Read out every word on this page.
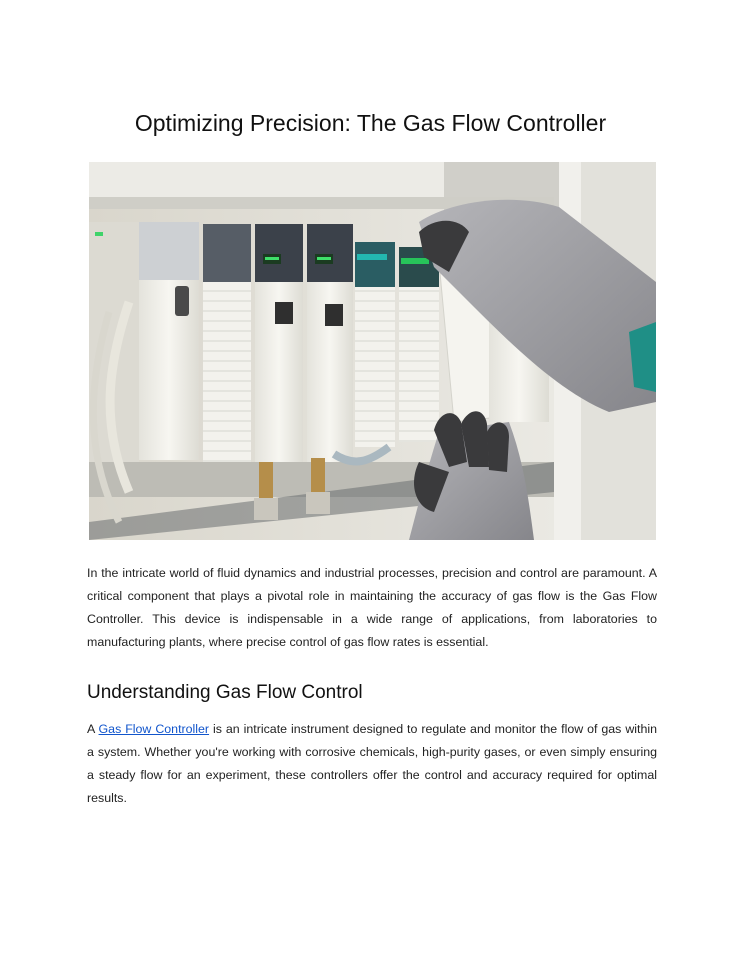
Optimizing Precision: The Gas Flow Controller

In the intricate world of fluid dynamics and industrial processes, precision and control are paramount. A critical component that plays a pivotal role in maintaining the accuracy of gas flow is the Gas Flow Controller. This device is indispensable in a wide range of applications, from laboratories to manufacturing plants, where precise control of gas flow rates is essential.

Understanding Gas Flow Control

A Gas Flow Controller is an intricate instrument designed to regulate and monitor the flow of gas within a system. Whether you're working with corrosive chemicals, high-purity gases, or even simply ensuring a steady flow for an experiment, these controllers offer the control and accuracy required for optimal results.
